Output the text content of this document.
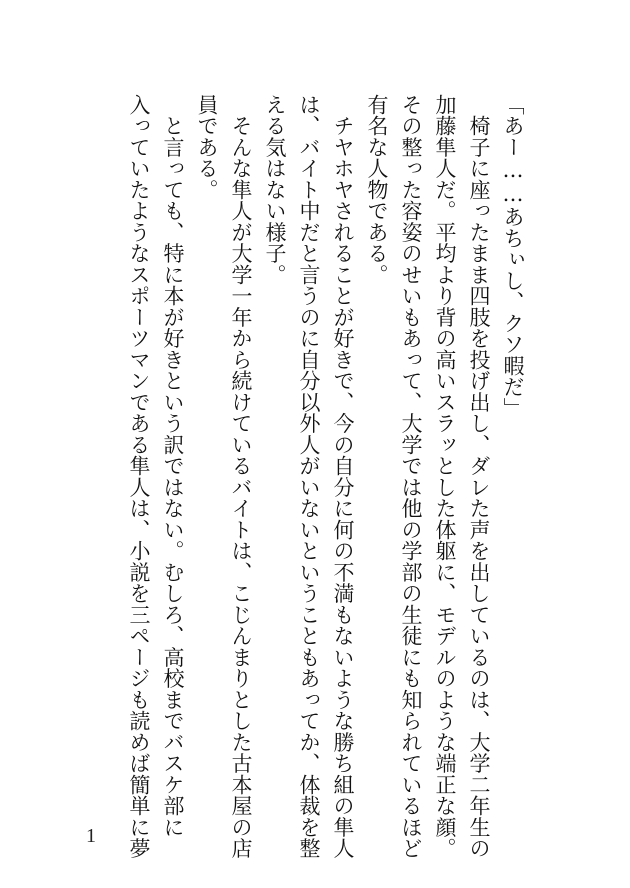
「あー……あちぃし、クソ暇だ」

　椅子に座ったまま四肢を投げ出し、ダレた声を出しているのは、大学二年生の

加藤隼人だ。平均より背の高いスラッとした体躯に、モデルのような端正な顔。

その整った容姿のせいもあって、大学では他の学部の生徒にも知られているほど

有名な人物である。

　チヤホヤされることが好きで、今の自分に何の不満もないような勝ち組の隼人

は、バイト中だと言うのに自分以外人がいないということもあってか、体裁を整

える気はない様子。

　そんな隼人が大学一年から続けているバイトは、こじんまりとした古本屋の店

員である。

　と言っても、特に本が好きという訳ではない。むしろ、高校までバスケ部に

入っていたようなスポーツマンである隼人は、小説を三ページも読めば簡単に夢

1
